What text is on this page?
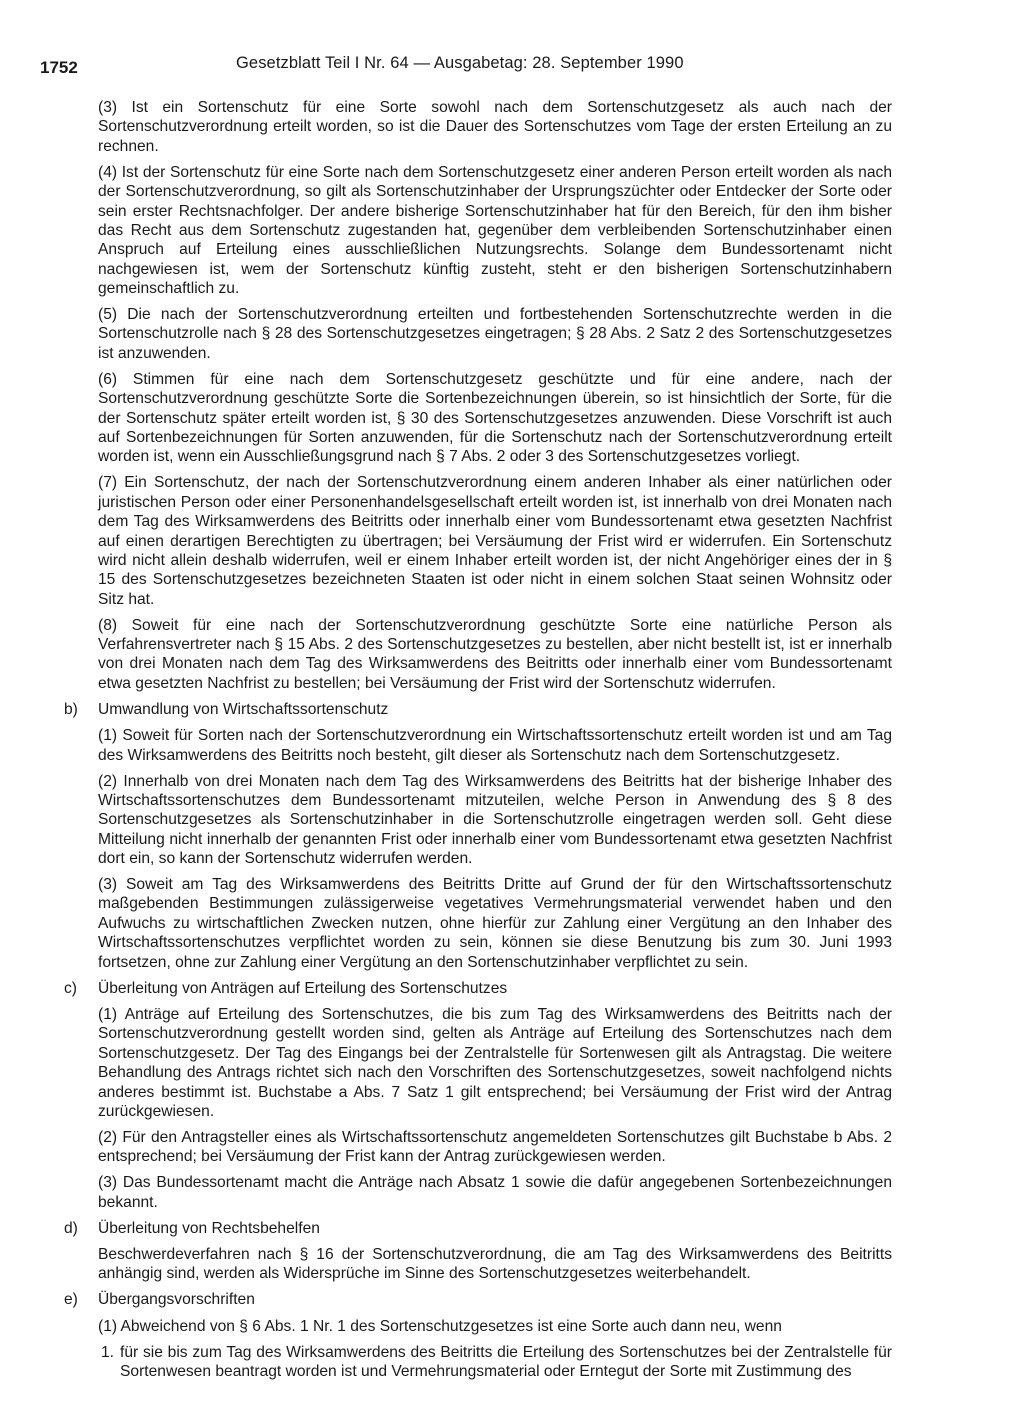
1752	Gesetzblatt Teil I Nr. 64 — Ausgabetag: 28. September 1990

(3) Ist ein Sortenschutz für eine Sorte sowohl nach dem Sortenschutzgesetz als auch nach der Sortenschutzverordnung erteilt worden, so ist die Dauer des Sortenschutzes vom Tage der ersten Erteilung an zu rechnen.

(4) Ist der Sortenschutz für eine Sorte nach dem Sortenschutzgesetz einer anderen Person erteilt worden als nach der Sortenschutzverordnung, so gilt als Sortenschutzinhaber der Ursprungszüchter oder Entdecker der Sorte oder sein erster Rechtsnachfolger. Der andere bisherige Sortenschutzinhaber hat für den Bereich, für den ihm bisher das Recht aus dem Sortenschutz zugestanden hat, gegenüber dem verbleibenden Sortenschutzinhaber einen Anspruch auf Erteilung eines ausschließlichen Nutzungsrechts. Solange dem Bundessortenamt nicht nachgewiesen ist, wem der Sortenschutz künftig zusteht, steht er den bisherigen Sortenschutzinhabern gemeinschaftlich zu.

(5) Die nach der Sortenschutzverordnung erteilten und fortbestehenden Sortenschutzrechte werden in die Sortenschutzrolle nach § 28 des Sortenschutzgesetzes eingetragen; § 28 Abs. 2 Satz 2 des Sortenschutzgesetzes ist anzuwenden.

(6) Stimmen für eine nach dem Sortenschutzgesetz geschützte und für eine andere, nach der Sortenschutzverordnung geschützte Sorte die Sortenbezeichnungen überein, so ist hinsichtlich der Sorte, für die der Sortenschutz später erteilt worden ist, § 30 des Sortenschutzgesetzes anzuwenden. Diese Vorschrift ist auch auf Sortenbezeichnungen für Sorten anzuwenden, für die Sortenschutz nach der Sortenschutzverordnung erteilt worden ist, wenn ein Ausschließungsgrund nach § 7 Abs. 2 oder 3 des Sortenschutzgesetzes vorliegt.

(7) Ein Sortenschutz, der nach der Sortenschutzverordnung einem anderen Inhaber als einer natürlichen oder juristischen Person oder einer Personenhandelsgesellschaft erteilt worden ist, ist innerhalb von drei Monaten nach dem Tag des Wirksamwerdens des Beitritts oder innerhalb einer vom Bundessortenamt etwa gesetzten Nachfrist auf einen derartigen Berechtigten zu übertragen; bei Versäumung der Frist wird er widerrufen. Ein Sortenschutz wird nicht allein deshalb widerrufen, weil er einem Inhaber erteilt worden ist, der nicht Angehöriger eines der in § 15 des Sortenschutzgesetzes bezeichneten Staaten ist oder nicht in einem solchen Staat seinen Wohnsitz oder Sitz hat.

(8) Soweit für eine nach der Sortenschutzverordnung geschützte Sorte eine natürliche Person als Verfahrensvertreter nach § 15 Abs. 2 des Sortenschutzgesetzes zu bestellen, aber nicht bestellt ist, ist er innerhalb von drei Monaten nach dem Tag des Wirksamwerdens des Beitritts oder innerhalb einer vom Bundessortenamt etwa gesetzten Nachfrist zu bestellen; bei Versäumung der Frist wird der Sortenschutz widerrufen.

b) Umwandlung von Wirtschaftssortenschutz

(1) Soweit für Sorten nach der Sortenschutzverordnung ein Wirtschaftssortenschutz erteilt worden ist und am Tag des Wirksamwerdens des Beitritts noch besteht, gilt dieser als Sortenschutz nach dem Sortenschutzgesetz.

(2) Innerhalb von drei Monaten nach dem Tag des Wirksamwerdens des Beitritts hat der bisherige Inhaber des Wirtschaftssortenschutzes dem Bundessortenamt mitzuteilen, welche Person in Anwendung des § 8 des Sortenschutzgesetzes als Sortenschutzinhaber in die Sortenschutzrolle eingetragen werden soll. Geht diese Mitteilung nicht innerhalb der genannten Frist oder innerhalb einer vom Bundessortenamt etwa gesetzten Nachfrist dort ein, so kann der Sortenschutz widerrufen werden.

(3) Soweit am Tag des Wirksamwerdens des Beitritts Dritte auf Grund der für den Wirtschaftssortenschutz maßgebenden Bestimmungen zulässigerweise vegetatives Vermehrungsmaterial verwendet haben und den Aufwuchs zu wirtschaftlichen Zwecken nutzen, ohne hierfür zur Zahlung einer Vergütung an den Inhaber des Wirtschaftssortenschutzes verpflichtet worden zu sein, können sie diese Benutzung bis zum 30. Juni 1993 fortsetzen, ohne zur Zahlung einer Vergütung an den Sortenschutzinhaber verpflichtet zu sein.

c) Überleitung von Anträgen auf Erteilung des Sortenschutzes

(1) Anträge auf Erteilung des Sortenschutzes, die bis zum Tag des Wirksamwerdens des Beitritts nach der Sortenschutzverordnung gestellt worden sind, gelten als Anträge auf Erteilung des Sortenschutzes nach dem Sortenschutzgesetz. Der Tag des Eingangs bei der Zentralstelle für Sortenwesen gilt als Antragstag. Die weitere Behandlung des Antrags richtet sich nach den Vorschriften des Sortenschutzgesetzes, soweit nachfolgend nichts anderes bestimmt ist. Buchstabe a Abs. 7 Satz 1 gilt entsprechend; bei Versäumung der Frist wird der Antrag zurückgewiesen.

(2) Für den Antragsteller eines als Wirtschaftssortenschutz angemeldeten Sortenschutzes gilt Buchstabe b Abs. 2 entsprechend; bei Versäumung der Frist kann der Antrag zurückgewiesen werden.

(3) Das Bundessortenamt macht die Anträge nach Absatz 1 sowie die dafür angegebenen Sortenbezeichnungen bekannt.

d) Überleitung von Rechtsbehelfen

Beschwerdeverfahren nach § 16 der Sortenschutzverordnung, die am Tag des Wirksamwerdens des Beitritts anhängig sind, werden als Widersprüche im Sinne des Sortenschutzgesetzes weiterbehandelt.

e) Übergangsvorschriften

(1) Abweichend von § 6 Abs. 1 Nr. 1 des Sortenschutzgesetzes ist eine Sorte auch dann neu, wenn

1. für sie bis zum Tag des Wirksamwerdens des Beitritts die Erteilung des Sortenschutzes bei der Zentralstelle für Sortenwesen beantragt worden ist und Vermehrungsmaterial oder Erntegut der Sorte mit Zustimmung des
